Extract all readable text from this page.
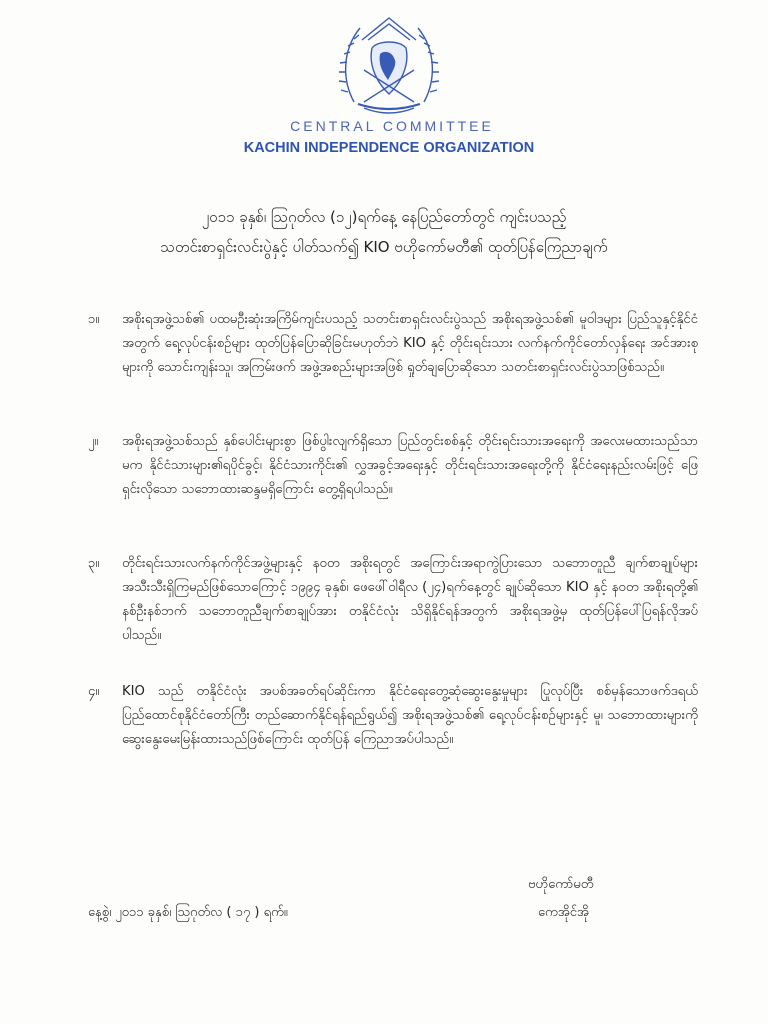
CENTRAL COMMITTEE
KACHIN INDEPENDENCE ORGANIZATION
၂၀၁၁ ခုနှစ်၊ ဩဂုတ်လ (၁၂)ရက်နေ့ နေပြည်တော်တွင် ကျင်းပသည့်
သတင်းစာရှင်းလင်းပွဲနှင့် ပါတ်သက်၍ KIO ဗဟိုကော်မတီ၏ ထုတ်ပြန်ကြေညာချက်
၁။	အစိုးရအဖွဲ့သစ်၏ ပထမဦးဆုံးအကြိမ်ကျင်းပသည့် သတင်းစာရှင်းလင်းပွဲသည် အစိုးရအဖွဲ့သစ်၏ မူဝါဒများ ပြည်သူနှင့်နိုင်ငံအတွက် ရေ့လုပ်ငန်းစဉ်များ ထုတ်ပြန်ပြောဆိုခြင်းမဟုတ်ဘဲ KIO နှင့် တိုင်းရင်းသား လက်နက်ကိုင်တော်လှန်ရေး အင်အားစုများကို သောင်းကျန်းသူ၊ အကြမ်းဖက် အဖွဲ့အစည်းများအဖြစ် ရှုတ်ချပြောဆိုသော သတင်းစာရှင်းလင်းပွဲသာဖြစ်သည်။
၂။	အစိုးရအဖွဲ့သစ်သည် နှစ်ပေါင်းများစွာ ဖြစ်ပွါးလျက်ရှိသော ပြည်တွင်းစစ်နှင့် တိုင်းရင်းသားအရေးကို အလေးမထားသည်သာမက နိုင်ငံသားများ၏ရပိုင်ခွင့်၊ နိုင်ငံသားကိုင်း၏ လွှအခွင့်အရေးနှင့် တိုင်းရင်းသားအရေးတို့ကို နိုင်ငံရေးနည်းလမ်းဖြင့် ဖြေရှင်းလိုသော သဘောထားဆန္ဒမရှိကြောင်း တွေ့ရှိရပါသည်။
၃။	တိုင်းရင်းသားလက်နက်ကိုင်အဖွဲ့များနှင့် နဝတ အစိုးရတွင် အကြောင်းအရာကွဲပြားသော သဘောတူညီ ချက်စာချုပ်များ အသီးသီးရှိကြမည်ဖြစ်သောကြောင့် ၁၉၉၄ ခုနှစ်၊ ဖေဖေါ်ဝါရီလ (၂၄)ရက်နေ့တွင် ချုပ်ဆိုသော KIO နှင့် နဝတ အစိုးရတို့၏ နစ်ဦးနစ်ဘက် သဘောတူညီချက်စာချုပ်အား တနိုင်ငံလုံး သိရှိနိုင်ရန်အတွက် အစိုးရအဖွဲ့မှ ထုတ်ပြန်ပေါ်ပြရန်လိုအပ်ပါသည်။
၄။	KIO သည် တနိုင်ငံလုံး အပစ်အခတ်ရပ်ဆိုင်းကာ နိုင်ငံရေးတွေ့ဆုံဆွေးနွေးမှုများ ပြုလုပ်ပြီး စစ်မှန်သောဖက်ဒရယ်ပြည်ထောင်စုနိုင်ငံတော်ကြီး တည်ဆောက်နိုင်ရန်ရည်ရွယ်၍ အစိုးရအဖွဲ့သစ်၏ ရေ့လုပ်ငန်းစဉ်များနှင့် မူ၊ သဘောထားများကို ဆွေးနွေးမေးမြန်းထားသည်ဖြစ်ကြောင်း ထုတ်ပြန် ကြေညာအပ်ပါသည်။
ဗဟိုကော်မတီ
နေ့စွဲ၊ ၂၀၁၁ ခုနှစ်၊ ဩဂုတ်လ ( ၁၇ ) ရက်။	ကေအိုင်အို
